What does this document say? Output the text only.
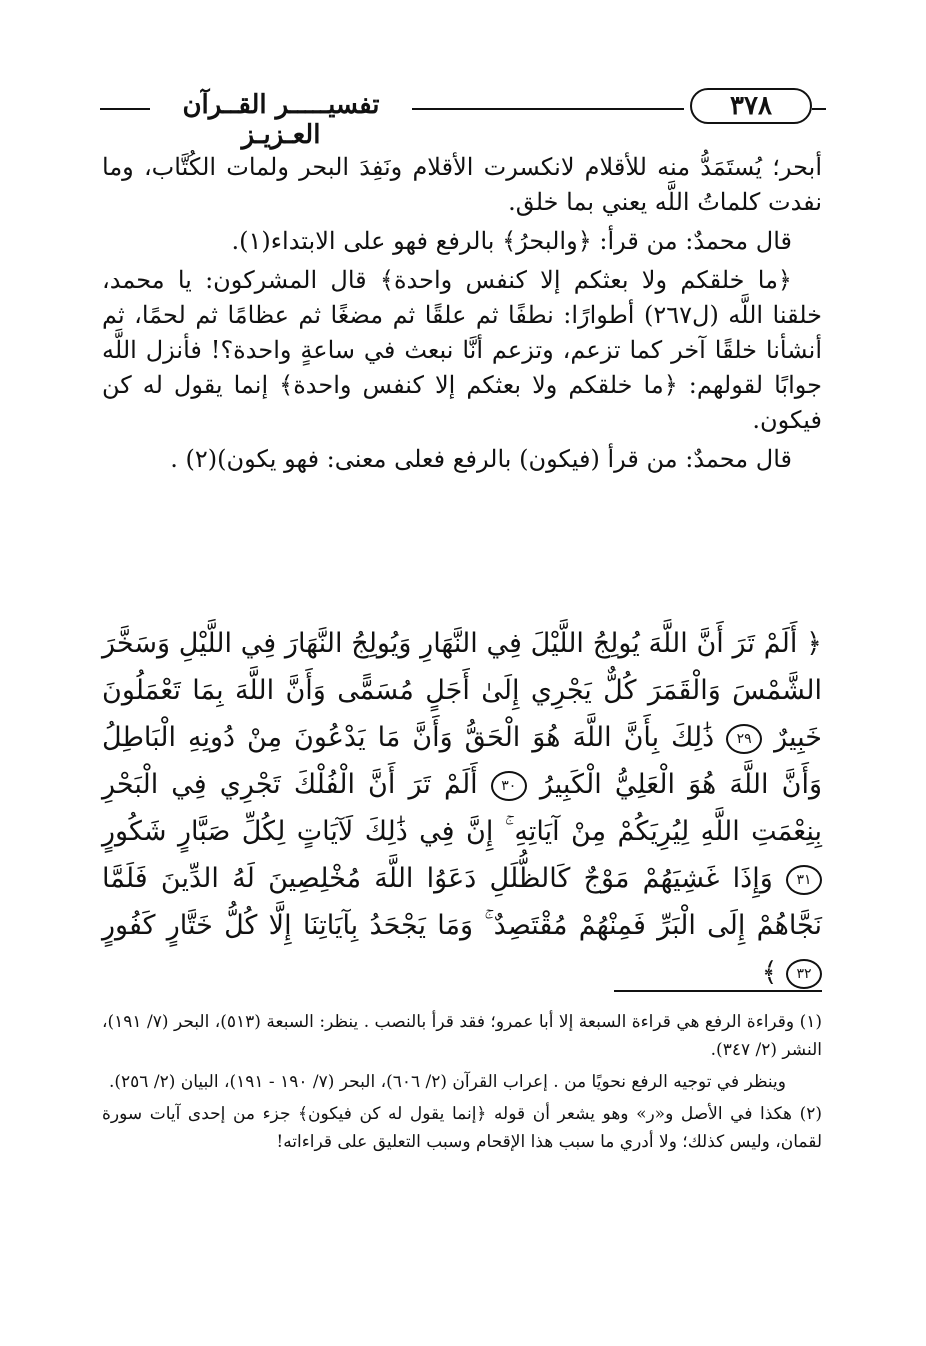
تفسيـــــر القــرآن العـزيـز
٣٧٨

أبحر؛ يُستَمَدُّ منه للأقلام لانكسرت الأقلام ونَفِدَ البحر ولمات الكُتَّاب، وما نفدت كلماتُ اللَّه يعني بما خلق.

قال محمدٌ: من قرأ: ﴿والبحرُ﴾ بالرفع فهو على الابتداء(١).

﴿ما خلقكم ولا بعثكم إلا كنفس واحدة﴾ قال المشركون: يا محمد، خلقنا اللَّه (ل٢٦٧) أطوارًا: نطفًا ثم علقًا ثم مضغًا ثم عظامًا ثم لحمًا، ثم أنشأنا خلقًا آخر كما تزعم، وتزعم أنَّا نبعث في ساعةٍ واحدة؟! فأنزل اللَّه جوابًا لقولهم: ﴿ما خلقكم ولا بعثكم إلا كنفس واحدة﴾ إنما يقول له كن فيكون.

قال محمدٌ: من قرأ (فيكون) بالرفع فعلى معنى: فهو يكون)(٢) .

﴿ أَلَمْ تَرَ أَنَّ اللَّهَ يُولِجُ اللَّيْلَ فِي النَّهَارِ وَيُولِجُ النَّهَارَ فِي اللَّيْلِ وَسَخَّرَ الشَّمْسَ وَالْقَمَرَ كُلٌّ يَجْرِي إِلَىٰ أَجَلٍ مُسَمًّى وَأَنَّ اللَّهَ بِمَا تَعْمَلُونَ خَبِيرٌ ٢٩ ذَٰلِكَ بِأَنَّ اللَّهَ هُوَ الْحَقُّ وَأَنَّ مَا يَدْعُونَ مِنْ دُونِهِ الْبَاطِلُ وَأَنَّ اللَّهَ هُوَ الْعَلِيُّ الْكَبِيرُ ٣٠ أَلَمْ تَرَ أَنَّ الْفُلْكَ تَجْرِي فِي الْبَحْرِ بِنِعْمَتِ اللَّهِ لِيُرِيَكُمْ مِنْ آيَاتِهِ ۚ إِنَّ فِي ذَٰلِكَ لَآيَاتٍ لِكُلِّ صَبَّارٍ شَكُورٍ ٣١ وَإِذَا غَشِيَهُمْ مَوْجٌ كَالظُّلَلِ دَعَوُا اللَّهَ مُخْلِصِينَ لَهُ الدِّينَ فَلَمَّا نَجَّاهُمْ إِلَى الْبَرِّ فَمِنْهُمْ مُقْتَصِدٌ ۚ وَمَا يَجْحَدُ بِآيَاتِنَا إِلَّا كُلُّ خَتَّارٍ كَفُورٍ ٣٢ ﴾

(١) وقراءة الرفع هي قراءة السبعة إلا أبا عمرو؛ فقد قرأ بالنصب . ينظر: السبعة (٥١٣)، البحر (٧/ ١٩١)، النشر (٢/ ٣٤٧).

وينظر في توجيه الرفع نحويًا من . إعراب القرآن (٢/ ٦٠٦)، البحر (٧/ ١٩٠ - ١٩١)، البيان (٢/ ٢٥٦).

(٢) هكذا في الأصل و«ر» وهو يشعر أن قوله ﴿إنما يقول له كن فيكون﴾ جزء من إحدى آيات سورة لقمان، وليس كذلك؛ ولا أدري ما سبب هذا الإقحام وسبب التعليق على قراءاته!
